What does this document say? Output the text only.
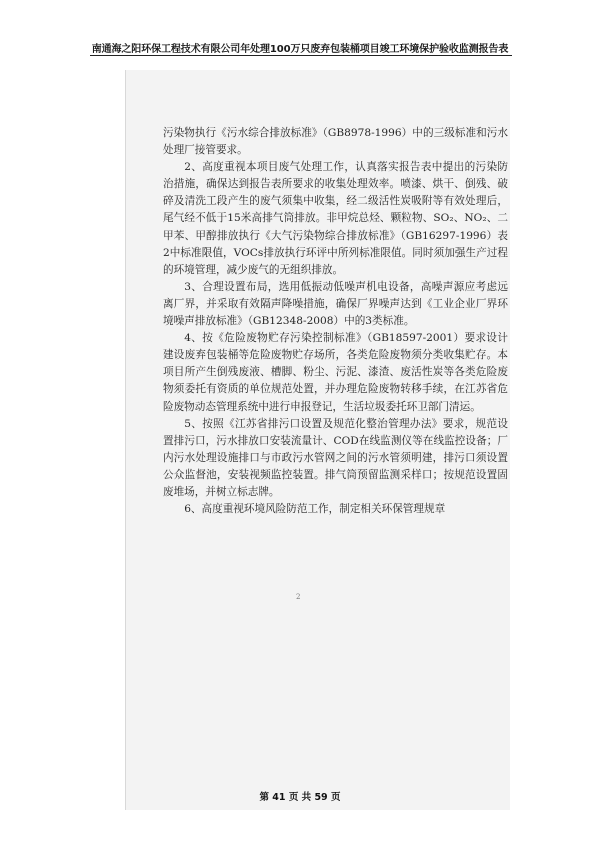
南通海之阳环保工程技术有限公司年处理100万只废弃包装桶项目竣工环境保护验收监测报告表

污染物执行《污水综合排放标准》（GB8978-1996）中的三级标准和污水处理厂接管要求。

2、高度重视本项目废气处理工作，认真落实报告表中提出的污染防治措施，确保达到报告表所要求的收集处理效率。喷漆、烘干、倒残、破碎及清洗工段产生的废气须集中收集，经二级活性炭吸附等有效处理后，尾气经不低于15米高排气筒排放。非甲烷总烃、颗粒物、SO₂、NO₂、二甲苯、甲醇排放执行《大气污染物综合排放标准》（GB16297-1996）表2中标准限值，VOCs排放执行环评中所列标准限值。同时须加强生产过程的环境管理，减少废气的无组织排放。

3、合理设置布局，选用低振动低噪声机电设备，高噪声源应考虑远离厂界，并采取有效隔声降噪措施，确保厂界噪声达到《工业企业厂界环境噪声排放标准》（GB12348-2008）中的3类标准。

4、按《危险废物贮存污染控制标准》（GB18597-2001）要求设计建设废弃包装桶等危险废物贮存场所，各类危险废物须分类收集贮存。本项目所产生倒残废液、槽脚、粉尘、污泥、漆渣、废活性炭等各类危险废物须委托有资质的单位规范处置，并办理危险废物转移手续，在江苏省危险废物动态管理系统中进行申报登记，生活垃圾委托环卫部门清运。

5、按照《江苏省排污口设置及规范化整治管理办法》要求，规范设置排污口，污水排放口安装流量计、COD在线监测仪等在线监控设备；厂内污水处理设施排口与市政污水管网之间的污水管须明建，排污口须设置公众监督池，安装视频监控装置。排气筒预留监测采样口；按规范设置固废堆场，并树立标志牌。

6、高度重视环境风险防范工作，制定相关环保管理规章

2
第 41 页 共 59 页
